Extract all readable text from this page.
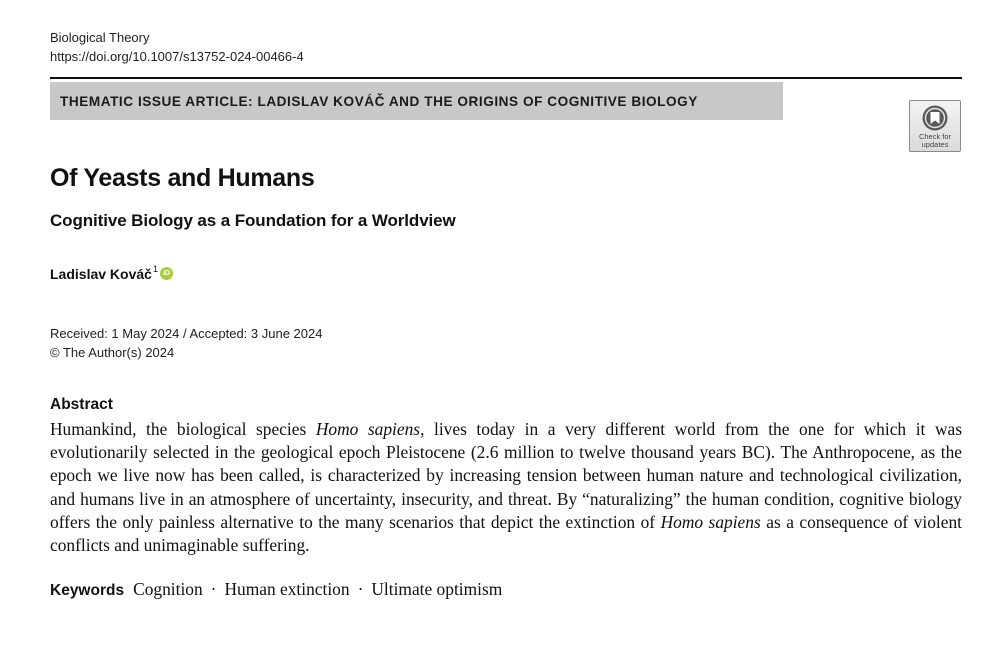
Biological Theory
https://doi.org/10.1007/s13752-024-00466-4
THEMATIC ISSUE ARTICLE: LADISLAV KOVÁČ AND THE ORIGINS OF COGNITIVE BIOLOGY
Check for
updates
Of Yeasts and Humans
Cognitive Biology as a Foundation for a Worldview
Ladislav Kováč$^1$ iD
Received: 1 May 2024 / Accepted: 3 June 2024
© The Author(s) 2024
Abstract
Humankind, the biological species Homo sapiens, lives today in a very different world from the one for which it was evolutionarily selected in the geological epoch Pleistocene (2.6 million to twelve thousand years BC). The Anthropocene, as the epoch we live now has been called, is characterized by increasing tension between human nature and technological civilization, and humans live in an atmosphere of uncertainty, insecurity, and threat. By “naturalizing” the human condition, cognitive biology offers the only painless alternative to the many scenarios that depict the extinction of Homo sapiens as a consequence of violent conflicts and unimaginable suffering.
Keywords Cognition · Human extinction · Ultimate optimism
